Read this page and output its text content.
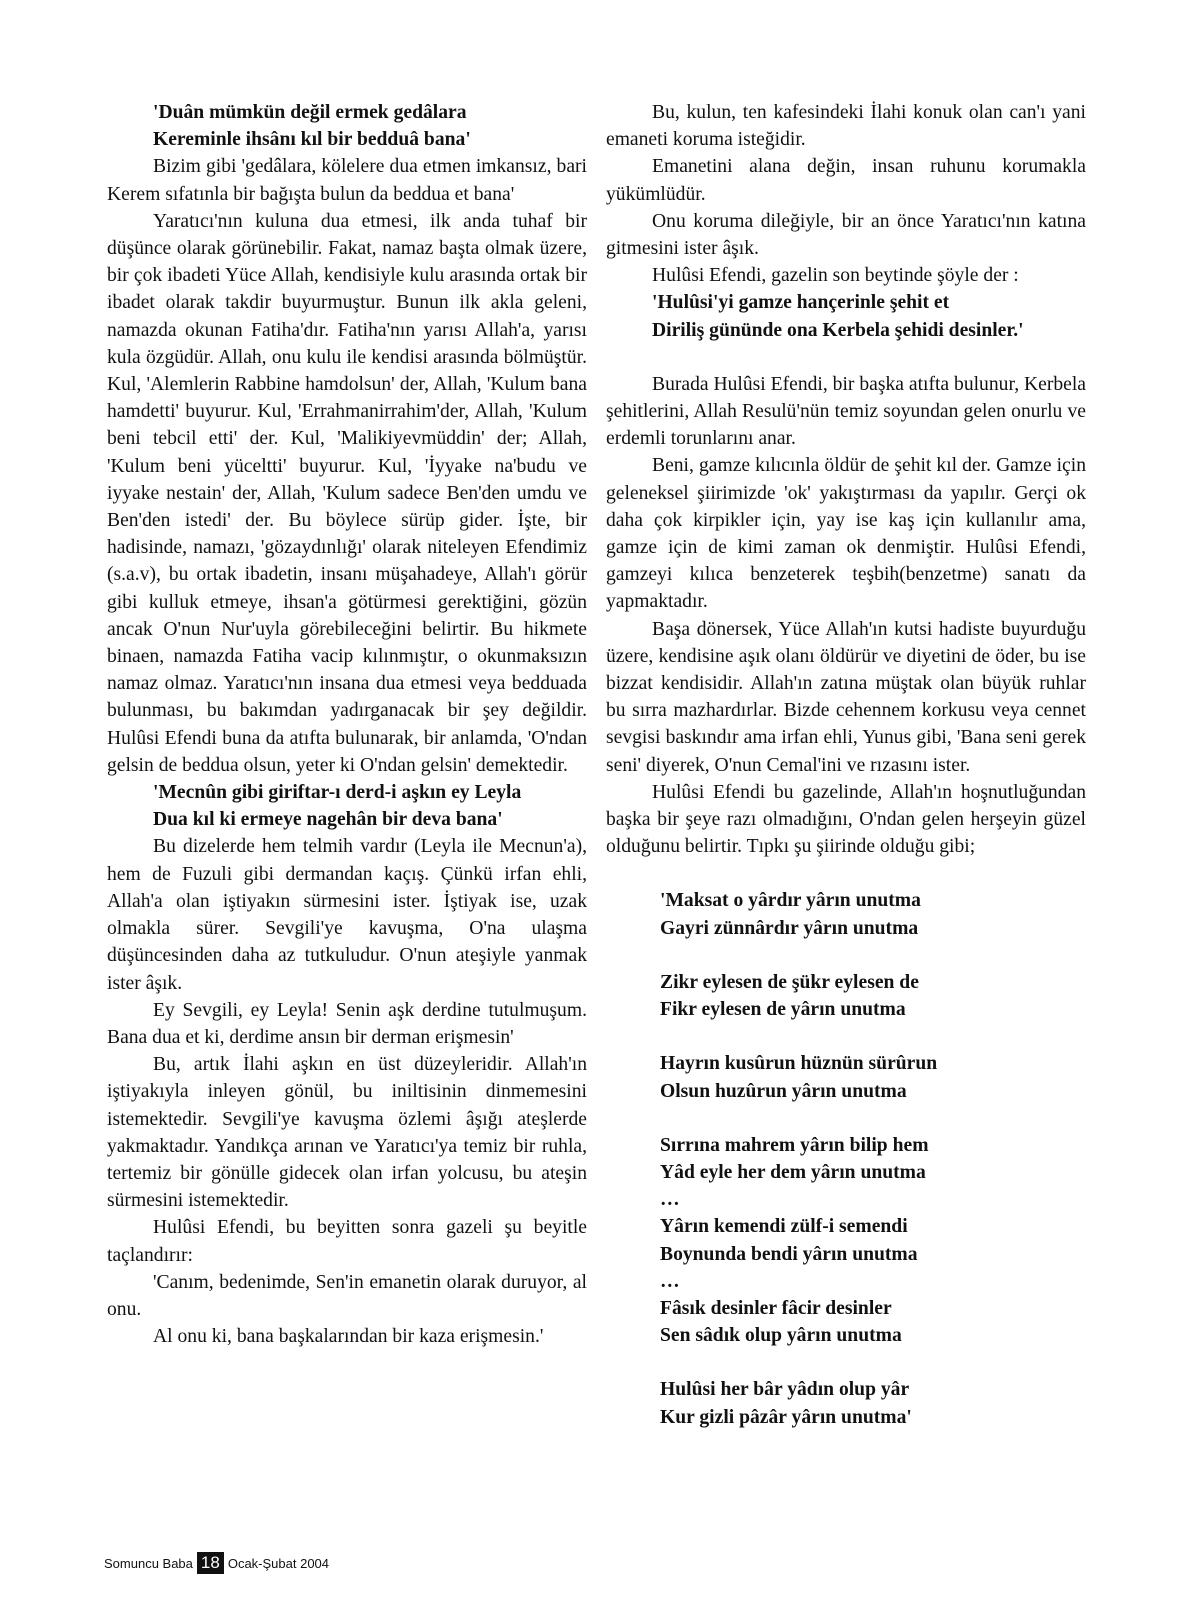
'Duân mümkün değil ermek gedâlara
Kereminle ihsânı kıl bir bedduâ bana'

Bizim gibi 'gedâlara, kölelere dua etmen imkansız, bari Kerem sıfatınla bir bağışta bulun da beddua et bana'

Yaratıcı'nın kuluna dua etmesi, ilk anda tuhaf bir düşünce olarak görünebilir. Fakat, namaz başta olmak üzere, bir çok ibadeti Yüce Allah, kendisiyle kulu arasında ortak bir ibadet olarak takdir buyurmuştur. Bunun ilk akla geleni, namazda okunan Fatiha'dır. Fatiha'nın yarısı Allah'a, yarısı kula özgüdür. Allah, onu kulu ile kendisi arasında bölmüştür. Kul, 'Alemlerin Rabbine hamdolsun' der, Allah, 'Kulum bana hamdetti' buyurur. Kul, 'Errahmanirrahim'der, Allah, 'Kulum beni tebcil etti' der. Kul, 'Malikiyevmüddin' der; Allah, 'Kulum beni yüceltti' buyurur. Kul, 'İyyake na'budu ve iyyake nestain' der, Allah, 'Kulum sadece Ben'den umdu ve Ben'den istedi' der. Bu böylece sürüp gider. İşte, bir hadisinde, namazı, 'gözaydınlığı' olarak niteleyen Efendimiz (s.a.v), bu ortak ibadetin, insanı müşahadeye, Allah'ı görür gibi kulluk etmeye, ihsan'a götürmesi gerektiğini, gözün ancak O'nun Nur'uyla görebileceğini belirtir. Bu hikmete binaen, namazda Fatiha vacip kılınmıştır, o okunmaksızın namaz olmaz. Yaratıcı'nın insana dua etmesi veya bedduada bulunması, bu bakımdan yadırganacak bir şey değildir. Hulûsi Efendi buna da atıfta bulunarak, bir anlamda, 'O'ndan gelsin de beddua olsun, yeter ki O'ndan gelsin' demektedir.

'Mecnûn gibi giriftar-ı derd-i aşkın ey Leyla
Dua kıl ki ermeye nagehân bir deva bana'

Bu dizelerde hem telmih vardır (Leyla ile Mecnun'a), hem de Fuzuli gibi dermandan kaçış. Çünkü irfan ehli, Allah'a olan iştiyakın sürmesini ister. İştiyak ise, uzak olmakla sürer. Sevgili'ye kavuşma, O'na ulaşma düşüncesinden daha az tutkuludur. O'nun ateşiyle yanmak ister âşık.

Ey Sevgili, ey Leyla! Senin aşk derdine tutulmuşum. Bana dua et ki, derdime ansın bir derman erişmesin'

Bu, artık İlahi aşkın en üst düzeyleridir. Allah'ın iştiyakıyla inleyen gönül, bu iniltisinin dinmemesini istemektedir. Sevgili'ye kavuşma özlemi âşığı ateşlerde yakmaktadır. Yandıkça arınan ve Yaratıcı'ya temiz bir ruhla, tertemiz bir gönülle gidecek olan irfan yolcusu, bu ateşin sürmesini istemektedir.

Hulûsi Efendi, bu beyitten sonra gazeli şu beyitle taçlandırır:

'Canım, bedenimde, Sen'in emanetin olarak duruyor, al onu.

Al onu ki, bana başkalarından bir kaza erişmesin.'

Bu, kulun, ten kafesindeki İlahi konuk olan can'ı yani emaneti koruma isteğidir.

Emanetini alana değin, insan ruhunu korumakla yükümlüdür.

Onu koruma dileğiyle, bir an önce Yaratıcı'nın katına gitmesini ister âşık.

Hulûsi Efendi, gazelin son beytinde şöyle der :

'Hulûsi'yi gamze hançerinle şehit et
Diriliş gününde ona Kerbela şehidi desinler.'

Burada Hulûsi Efendi, bir başka atıfta bulunur, Kerbela şehitlerini, Allah Resulü'nün temiz soyundan gelen onurlu ve erdemli torunlarını anar.

Beni, gamze kılıcınla öldür de şehit kıl der. Gamze için geleneksel şiirimizde 'ok' yakıştırması da yapılır. Gerçi ok daha çok kirpikler için, yay ise kaş için kullanılır ama, gamze için de kimi zaman ok denmiştir. Hulûsi Efendi, gamzeyi kılıca benzeterek teşbih(benzetme) sanatı da yapmaktadır.

Başa dönersek, Yüce Allah'ın kutsi hadiste buyurduğu üzere, kendisine aşık olanı öldürür ve diyetini de öder, bu ise bizzat kendisidir. Allah'ın zatına müştak olan büyük ruhlar bu sırra mazhardırlar. Bizde cehennem korkusu veya cennet sevgisi baskındır ama irfan ehli, Yunus gibi, 'Bana seni gerek seni' diyerek, O'nun Cemal'ini ve rızasını ister.

Hulûsi Efendi bu gazelinde, Allah'ın hoşnutluğundan başka bir şeye razı olmadığını, O'ndan gelen herşeyin güzel olduğunu belirtir. Tıpkı şu şiirinde olduğu gibi;

'Maksat o yârdır yârın unutma
Gayri zünnârdır yârın unutma
Zikr eylesen de şükr eylesen de
Fikr eylesen de yârın unutma
Hayrın kusûrun hüznün sürûrun
Olsun huzûrun yârın unutma
Sırrına mahrem yârın bilip hem
Yâd eyle her dem yârın unutma
…
Yârın kemendi zülf-i semendi
Boynunda bendi yârın unutma
…
Fâsık desinler fâcir desinler
Sen sâdık olup yârın unutma
Hulûsi her bâr yâdın olup yâr
Kur gizli pâzâr yârın unutma'
Somuncu Baba 18 Ocak-Şubat 2004
